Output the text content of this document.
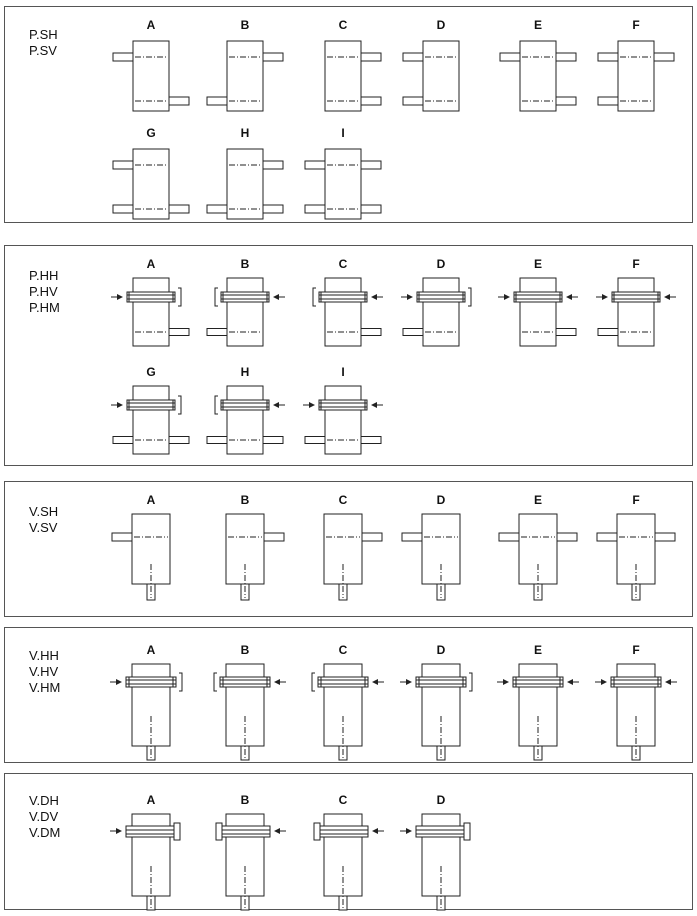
P.SH
P.SV
A	B	C	D	E	F
G	H	I
P.HH
P.HV
P.HM
A	B	C	D	E	F
G	H	I
V.SH
V.SV
A	B	C	D	E	F
V.HH
V.HV
V.HM
A	B	C	D	E	F
V.DH
V.DV
V.DM
A	B	C	D
